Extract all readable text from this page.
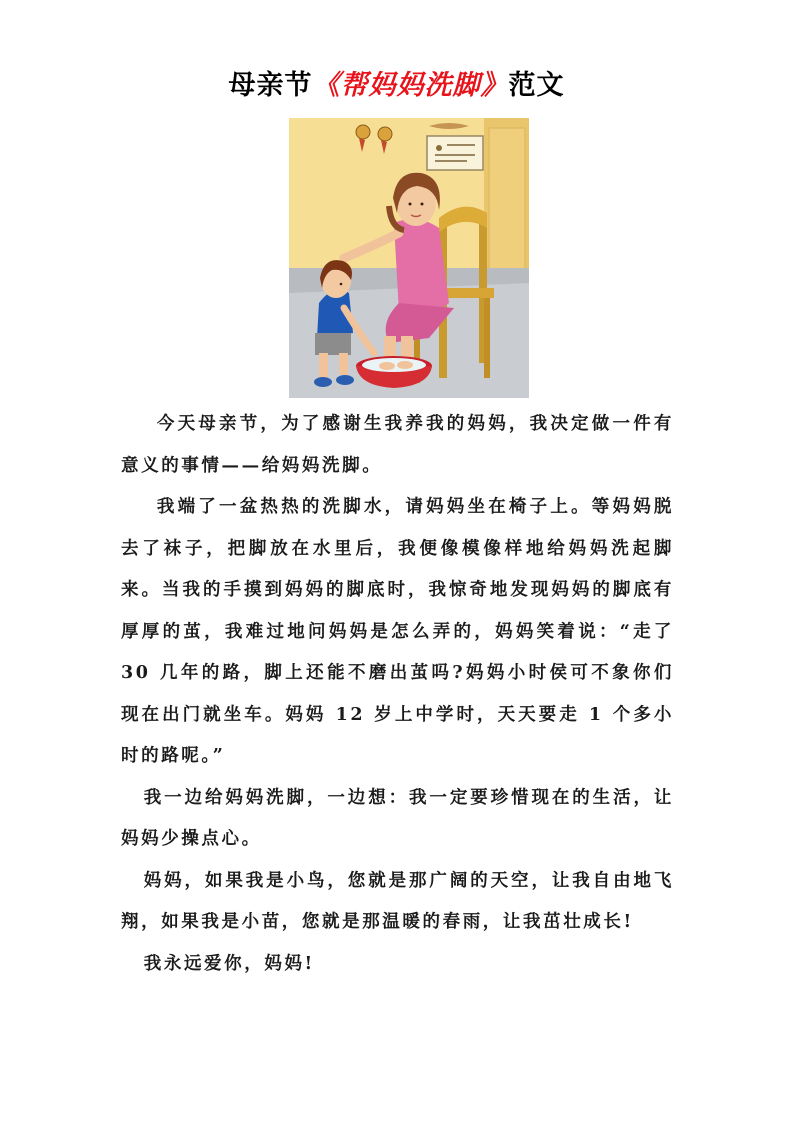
母亲节《帮妈妈洗脚》范文

今天母亲节，为了感谢生我养我的妈妈，我决定做一件有意义的事情——给妈妈洗脚。

我端了一盆热热的洗脚水，请妈妈坐在椅子上。等妈妈脱去了袜子，把脚放在水里后，我便像模像样地给妈妈洗起脚来。当我的手摸到妈妈的脚底时，我惊奇地发现妈妈的脚底有厚厚的茧，我难过地问妈妈是怎么弄的，妈妈笑着说：“走了 30 几年的路，脚上还能不磨出茧吗?妈妈小时侯可不象你们现在出门就坐车。妈妈 12 岁上中学时，天天要走 1 个多小时的路呢。”

我一边给妈妈洗脚，一边想：我一定要珍惜现在的生活，让妈妈少操点心。

妈妈，如果我是小鸟，您就是那广阔的天空，让我自由地飞翔，如果我是小苗，您就是那温暖的春雨，让我茁壮成长!

我永远爱你，妈妈!
